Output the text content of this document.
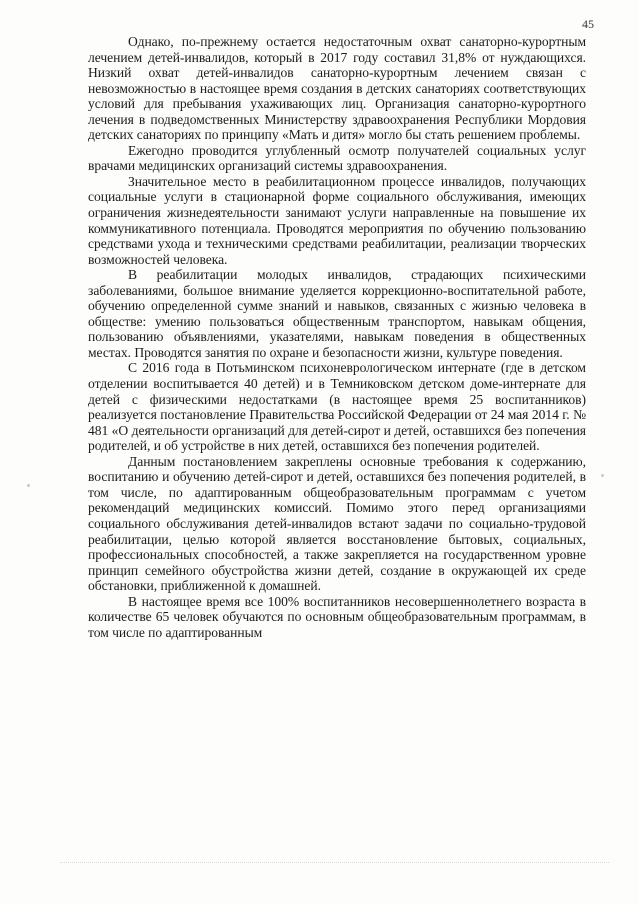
45

Однако, по-прежнему остается недостаточным охват санаторно-курортным лечением детей-инвалидов, который в 2017 году составил 31,8% от нуждающихся. Низкий охват детей-инвалидов санаторно-курортным лечением связан с невозможностью в настоящее время создания в детских санаториях соответствующих условий для пребывания ухаживающих лиц. Организация санаторно-курортного лечения в подведомственных Министерству здравоохранения Республики Мордовия детских санаториях по принципу «Мать и дитя» могло бы стать решением проблемы.

Ежегодно проводится углубленный осмотр получателей социальных услуг врачами медицинских организаций системы здравоохранения.

Значительное место в реабилитационном процессе инвалидов, получающих социальные услуги в стационарной форме социального обслуживания, имеющих ограничения жизнедеятельности занимают услуги направленные на повышение их коммуникативного потенциала. Проводятся мероприятия по обучению пользованию средствами ухода и техническими средствами реабилитации, реализации творческих возможностей человека.

В реабилитации молодых инвалидов, страдающих психическими заболеваниями, большое внимание уделяется коррекционно-воспитательной работе, обучению определенной сумме знаний и навыков, связанных с жизнью человека в обществе: умению пользоваться общественным транспортом, навыкам общения, пользованию объявлениями, указателями, навыкам поведения в общественных местах. Проводятся занятия по охране и безопасности жизни, культуре поведения.

С 2016 года в Потьминском психоневрологическом интернате (где в детском отделении воспитывается 40 детей) и в Темниковском детском доме-интернате для детей с физическими недостатками (в настоящее время 25 воспитанников) реализуется постановление Правительства Российской Федерации от 24 мая 2014 г. № 481 «О деятельности организаций для детей-сирот и детей, оставшихся без попечения родителей, и об устройстве в них детей, оставшихся без попечения родителей.

Данным постановлением закреплены основные требования к содержанию, воспитанию и обучению детей-сирот и детей, оставшихся без попечения родителей, в том числе, по адаптированным общеобразовательным программам с учетом рекомендаций медицинских комиссий. Помимо этого перед организациями социального обслуживания детей-инвалидов встают задачи по социально-трудовой реабилитации, целью которой является восстановление бытовых, социальных, профессиональных способностей, а также закрепляется на государственном уровне принцип семейного обустройства жизни детей, создание в окружающей их среде обстановки, приближенной к домашней.

В настоящее время все 100% воспитанников несовершеннолетнего возраста в количестве 65 человек обучаются по основным общеобразовательным программам, в том числе по адаптированным
